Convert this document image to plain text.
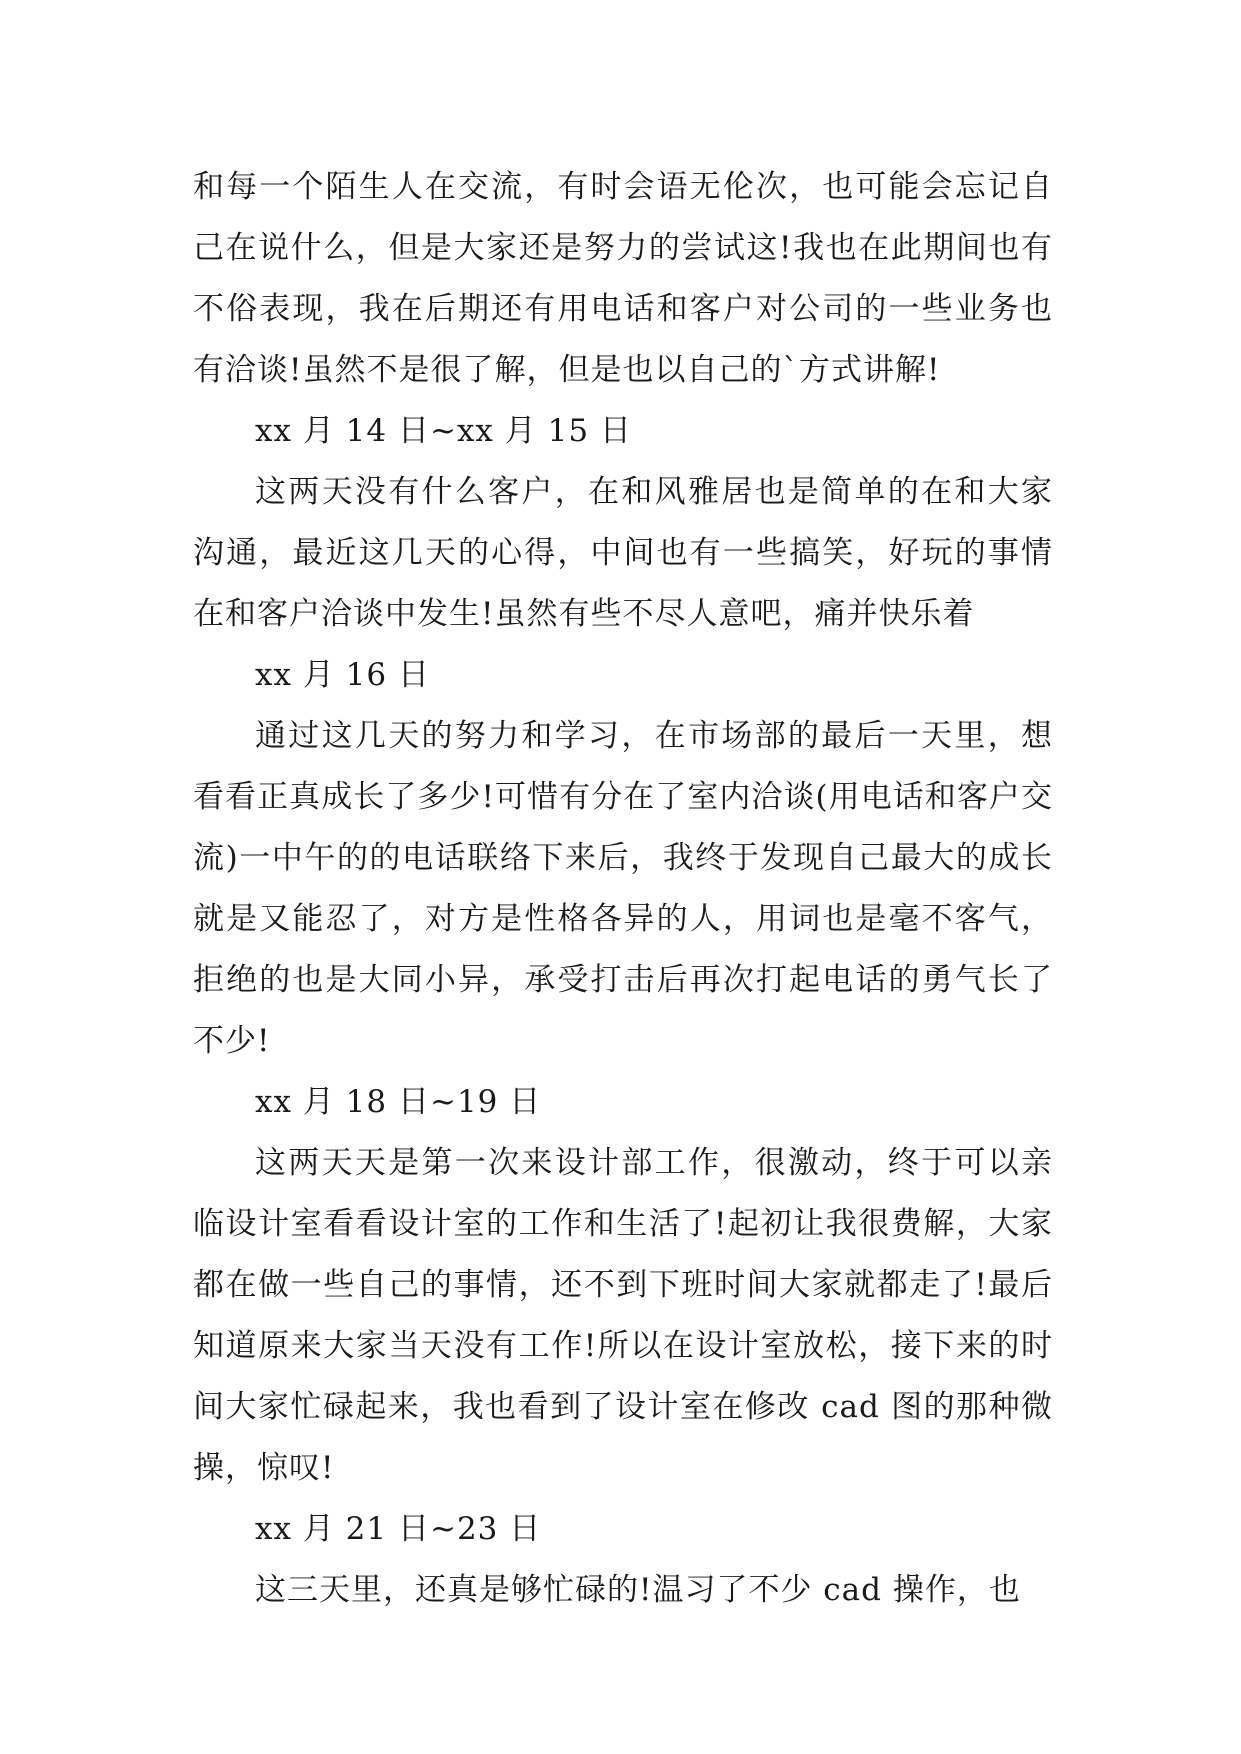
和每一个陌生人在交流，有时会语无伦次，也可能会忘记自己在说什么，但是大家还是努力的尝试这!我也在此期间也有不俗表现，我在后期还有用电话和客户对公司的一些业务也有洽谈!虽然不是很了解，但是也以自己的`方式讲解!

xx 月 14 日~xx 月 15 日

这两天没有什么客户，在和风雅居也是简单的在和大家沟通，最近这几天的心得，中间也有一些搞笑，好玩的事情在和客户洽谈中发生!虽然有些不尽人意吧，痛并快乐着

xx 月 16 日

通过这几天的努力和学习，在市场部的最后一天里，想看看正真成长了多少!可惜有分在了室内洽谈(用电话和客户交流)一中午的的电话联络下来后，我终于发现自己最大的成长就是又能忍了，对方是性格各异的人，用词也是毫不客气，拒绝的也是大同小异，承受打击后再次打起电话的勇气长了不少!

xx 月 18 日~19 日

这两天天是第一次来设计部工作，很激动，终于可以亲临设计室看看设计室的工作和生活了!起初让我很费解，大家都在做一些自己的事情，还不到下班时间大家就都走了!最后知道原来大家当天没有工作!所以在设计室放松，接下来的时间大家忙碌起来，我也看到了设计室在修改 cad 图的那种微操，惊叹!

xx 月 21 日~23 日

这三天里，还真是够忙碌的!温习了不少 cad 操作，也
